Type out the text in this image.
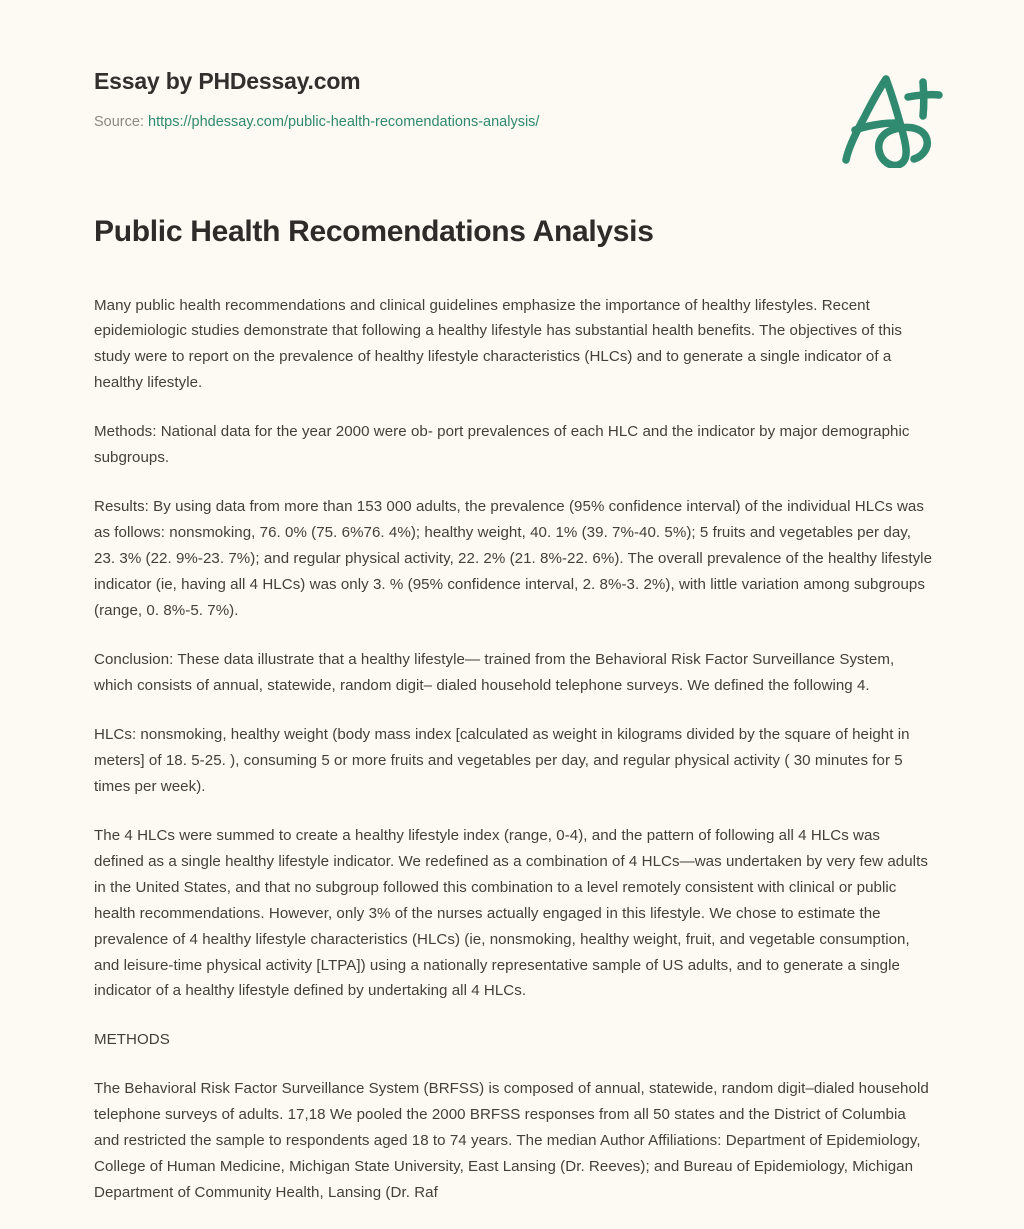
Essay by PHDessay.com
Source: https://phdessay.com/public-health-recomendations-analysis/
Public Health Recomendations Analysis

Many public health recommendations and clinical guidelines emphasize the importance of healthy lifestyles. Recent epidemiologic studies demonstrate that following a healthy lifestyle has substantial health benefits. The objectives of this study were to report on the prevalence of healthy lifestyle characteristics (HLCs) and to generate a single indicator of a healthy lifestyle.

Methods: National data for the year 2000 were ob- port prevalences of each HLC and the indicator by major demographic subgroups.

Results: By using data from more than 153 000 adults, the prevalence (95% confidence interval) of the individual HLCs was as follows: nonsmoking, 76. 0% (75. 6%76. 4%); healthy weight, 40. 1% (39. 7%-40. 5%); 5 fruits and vegetables per day, 23. 3% (22. 9%-23. 7%); and regular physical activity, 22. 2% (21. 8%-22. 6%). The overall prevalence of the healthy lifestyle indicator (ie, having all 4 HLCs) was only 3. % (95% confidence interval, 2. 8%-3. 2%), with little variation among subgroups (range, 0. 8%-5. 7%).

Conclusion: These data illustrate that a healthy lifestyle— trained from the Behavioral Risk Factor Surveillance System, which consists of annual, statewide, random digit– dialed household telephone surveys. We defined the following 4.

HLCs: nonsmoking, healthy weight (body mass index [calculated as weight in kilograms divided by the square of height in meters] of 18. 5-25. ), consuming 5 or more fruits and vegetables per day, and regular physical activity ( 30 minutes for 5 times per week).

The 4 HLCs were summed to create a healthy lifestyle index (range, 0-4), and the pattern of following all 4 HLCs was defined as a single healthy lifestyle indicator. We redefined as a combination of 4 HLCs—was undertaken by very few adults in the United States, and that no subgroup followed this combination to a level remotely consistent with clinical or public health recommendations. However, only 3% of the nurses actually engaged in this lifestyle. We chose to estimate the prevalence of 4 healthy lifestyle characteristics (HLCs) (ie, nonsmoking, healthy weight, fruit, and vegetable consumption, and leisure-time physical activity [LTPA]) using a nationally representative sample of US adults, and to generate a single indicator of a healthy lifestyle defined by undertaking all 4 HLCs.

METHODS

The Behavioral Risk Factor Surveillance System (BRFSS) is composed of annual, statewide, random digit–dialed household telephone surveys of adults. 17,18 We pooled the 2000 BRFSS responses from all 50 states and the District of Columbia and restricted the sample to respondents aged 18 to 74 years. The median Author Affiliations: Department of Epidemiology, College of Human Medicine, Michigan State University, East Lansing (Dr. Reeves); and Bureau of Epidemiology, Michigan Department of Community Health, Lansing (Dr. Raf
